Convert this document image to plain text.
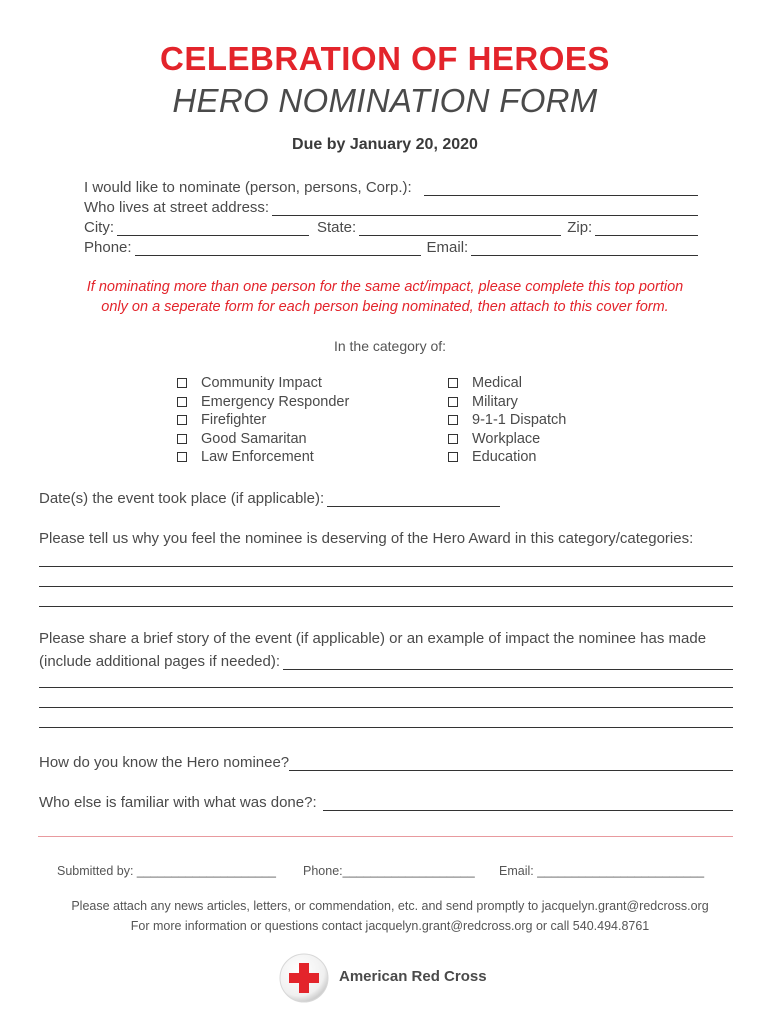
CELEBRATION OF HEROES
HERO NOMINATION FORM
Due by January 20, 2020
I would like to nominate (person, persons, Corp.):
Who lives at street address:
City:	State:	Zip:
Phone:	Email:
If nominating more than one person for the same act/impact, please complete this top portion
only on a seperate form for each person being nominated, then attach to this cover form.
In the category of:
Community Impact
Emergency Responder
Firefighter
Good Samaritan
Law Enforcement
Medical
Military
9-1-1 Dispatch
Workplace
Education
Date(s) the event took place (if applicable):
Please tell us why you feel the nominee is deserving of the Hero Award in this category/categories:
Please share a brief story of the event (if applicable) or an example of impact the nominee has made
(include additional pages if needed):
How do you know the Hero nominee?
Who else is familiar with what was done?:
Submitted by: ____________________ Phone:___________________ Email: ________________________
Please attach any news articles, letters, or commendation, etc. and send promptly to jacquelyn.grant@redcross.org
For more information or questions contact jacquelyn.grant@redcross.org or call 540.494.8761
American Red Cross
